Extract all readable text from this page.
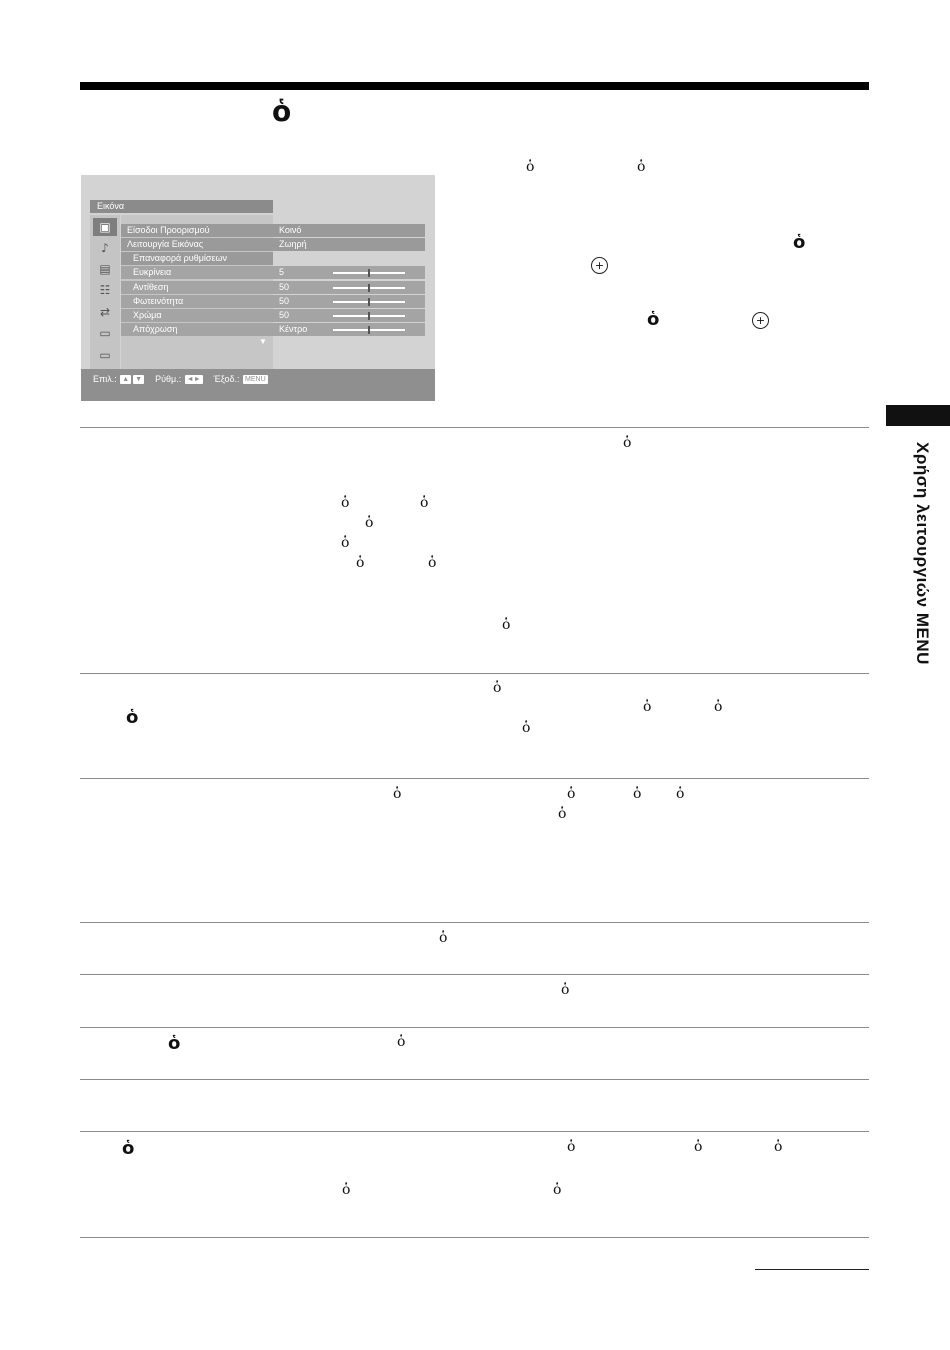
ὁ
Εικόνα
▣
♪
▤
☷
⇄
▭
▭
Είσοδοι Προορισμού	Κοινό
Λειτουργία Εικόνας	Ζωηρή
Επαναφορά ρυθμίσεων
Ευκρίνεια	5
Αντίθεση	50
Φωτεινότητα	50
Χρώμα	50
Απόχρωση	Κέντρο
▼
Επιλ.: ▲ ▼ Ρύθμ.: ◄► Έξοδ.: MENU
ὁ	ὁ
ὁ
+
ὁ	+
Χρήση λειτουργιών MENU
ὁ
ὁ	ὁ
ὁ
ὁ
ὁ	ὁ
ὁ
ὁ
ὁ	ὁ	ὁ
ὁ
ὁ	ὁ	ὁ ὁ
ὁ
ὁ
ὁ
ὁ	ὁ
ὁ	ὁ	ὁ	ὁ
ὁ	ὁ
